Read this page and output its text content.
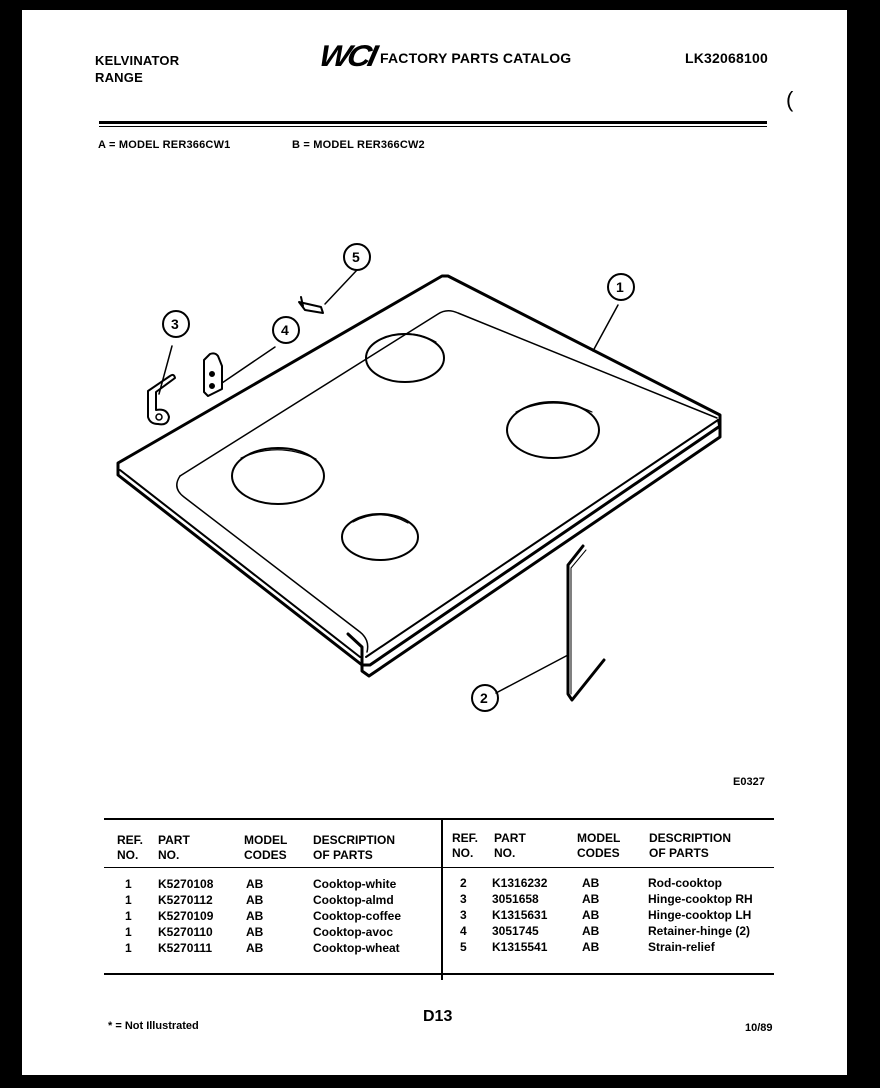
KELVINATOR
RANGE
WCI FACTORY PARTS CATALOG	LK32068100
(
A = MODEL RER366CW1	B = MODEL RER366CW2
5
1
3	4
2
E0327
REF.
NO.
PART
NO.
MODEL
CODES
DESCRIPTION
OF PARTS
REF.
NO.
PART
NO.
MODEL
CODES
DESCRIPTION
OF PARTS
1 K5270108	AB	Cooktop-white
1 K5270112	AB	Cooktop-almd
1 K5270109	AB	Cooktop-coffee
1 K5270110	AB	Cooktop-avoc
1 K5270111	AB	Cooktop-wheat
2 K1316232	AB	Rod-cooktop
3 3051658	AB	Hinge-cooktop RH
3 K1315631	AB	Hinge-cooktop LH
4 3051745	AB	Retainer-hinge (2)
5 K1315541	AB	Strain-relief
* = Not Illustrated
D13
10/89
